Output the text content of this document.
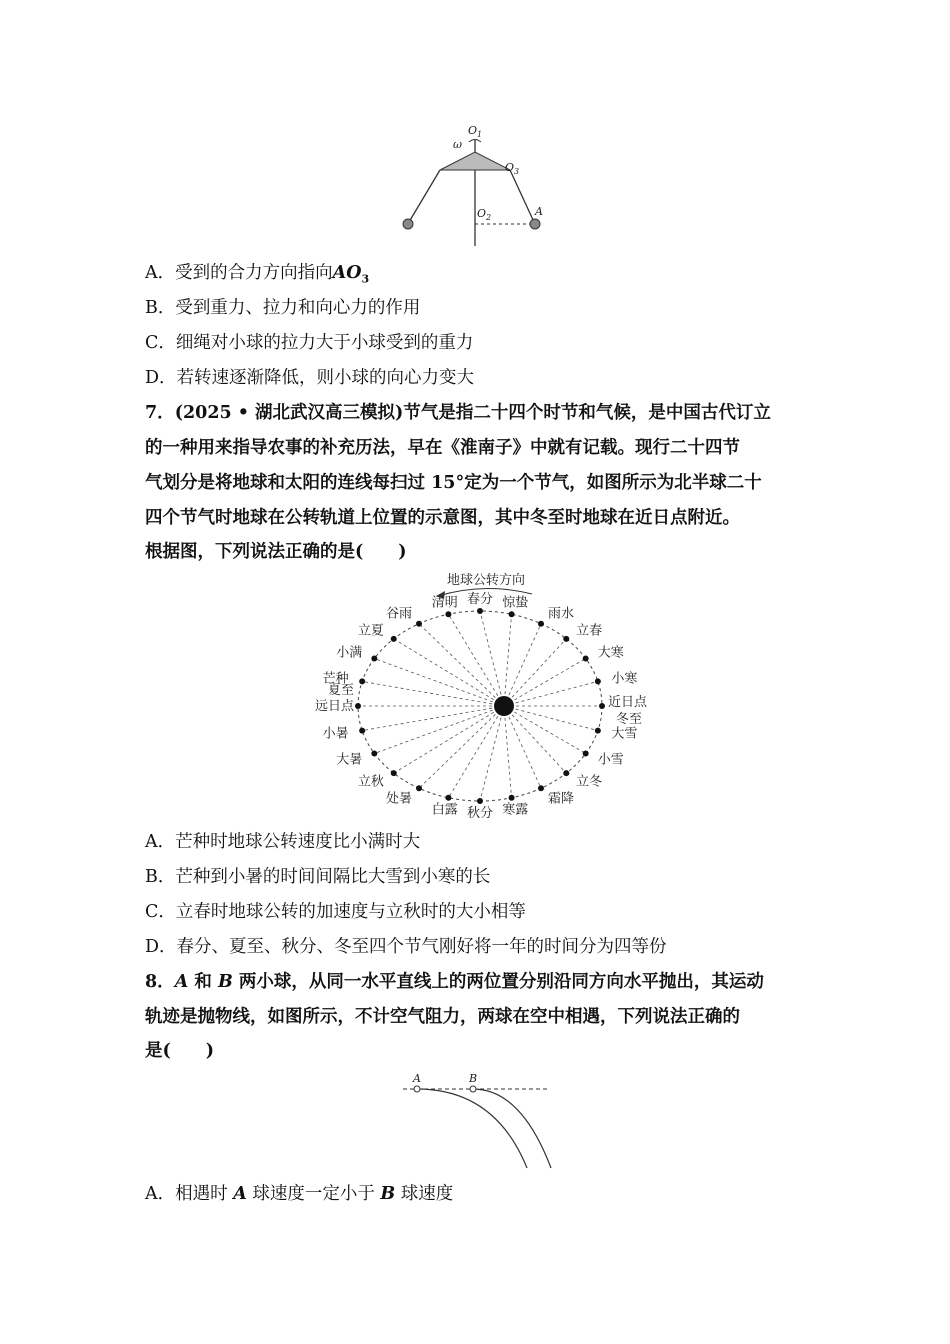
$O_1$
ω
$O_3$
$O_2$	A
A．受到的合力方向指向$AO_3$
B．受到重力、拉力和向心力的作用
C．细绳对小球的拉力大于小球受到的重力
D．若转速逐渐降低，则小球的向心力变大
7．(2025 • 湖北武汉高三模拟)节气是指二十四个时节和气候，是中国古代订立
的一种用来指导农事的补充历法，早在《淮南子》中就有记载。现行二十四节
气划分是将地球和太阳的连线每扫过 15°定为一个节气，如图所示为北半球二十
四个节气时地球在公转轨道上位置的示意图，其中冬至时地球在近日点附近。
根据图，下列说法正确的是(　　)
地球公转方向
谷雨
清明 春分 惊蛰
雨水
立春
大寒
小寒
冬至
大雪
小雪
立冬
霜降
寒露
秋分
白露
处暑
立秋
大暑
小暑
夏至
芒种
小满
立夏
近日点
远日点
A．芒种时地球公转速度比小满时大
B．芒种到小暑的时间间隔比大雪到小寒的长
C．立春时地球公转的加速度与立秋时的大小相等
D．春分、夏至、秋分、冬至四个节气刚好将一年的时间分为四等份
8．A 和 B 两小球，从同一水平直线上的两位置分别沿同方向水平抛出，其运动
轨迹是抛物线，如图所示，不计空气阻力，两球在空中相遇，下列说法正确的
是(　　)
A	B
A．相遇时 A 球速度一定小于 B 球速度
